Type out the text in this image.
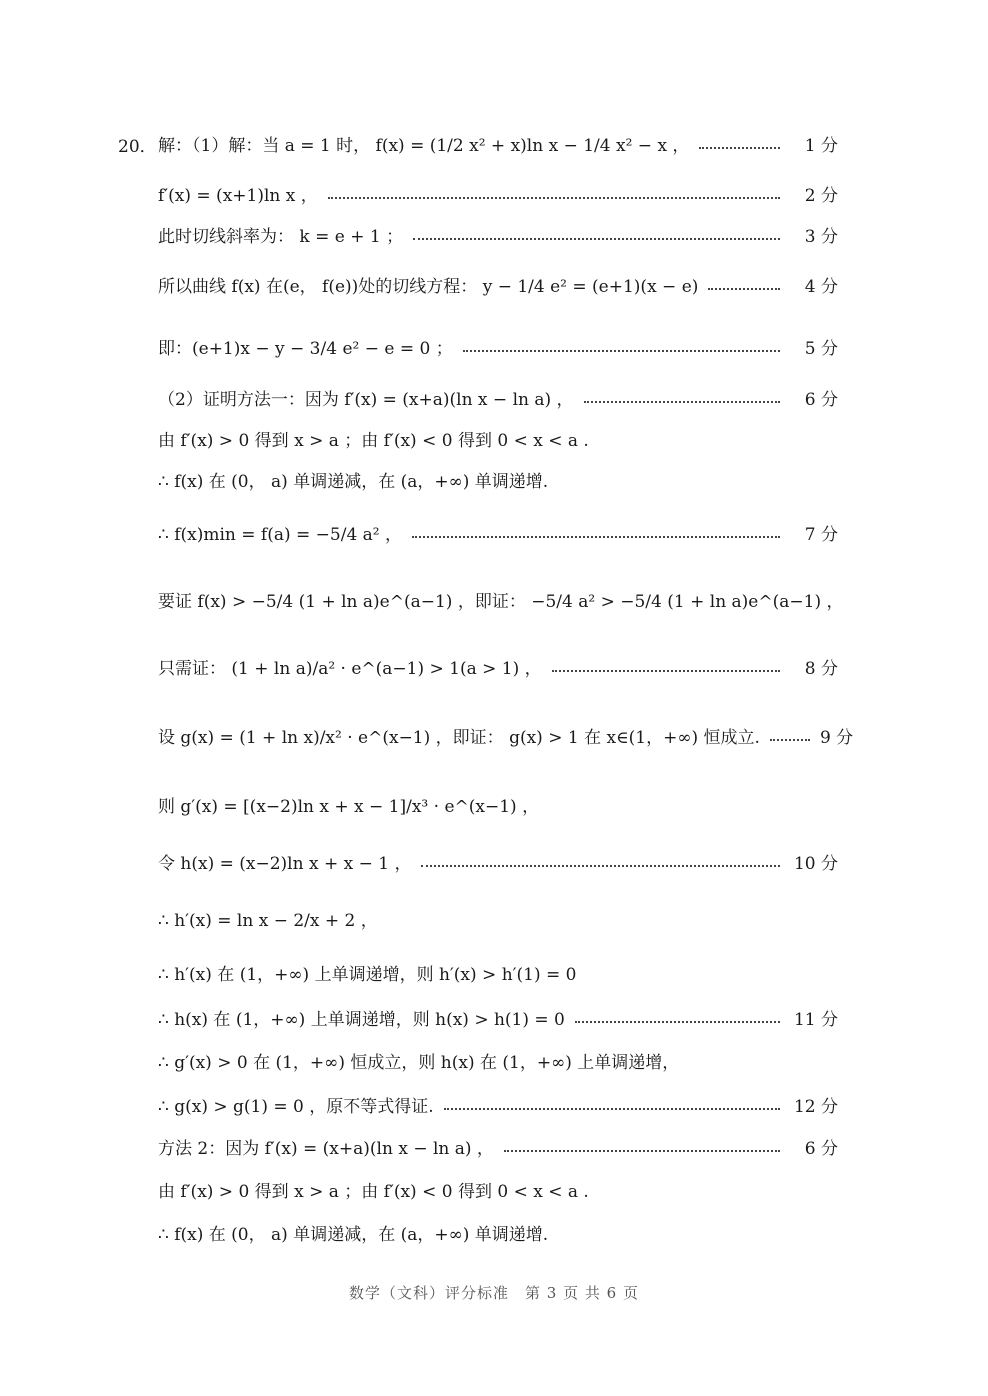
20． 解：（1）解：当 a = 1 时， f(x) = (1/2 x² + x)ln x − 1/4 x² − x ，	1 分
f′(x) = (x+1)ln x ，	2 分
此时切线斜率为： k = e + 1 ；	3 分
所以曲线 f(x) 在(e， f(e))处的切线方程： y − 1/4 e² = (e+1)(x − e)	4 分
即：(e+1)x − y − 3/4 e² − e = 0 ；	5 分
（2）证明方法一：因为 f′(x) = (x+a)(ln x − ln a) ，	6 分
由 f′(x) > 0 得到 x > a ；由 f′(x) < 0 得到 0 < x < a .
∴ f(x) 在 (0， a) 单调递减，在 (a，+∞) 单调递增.
∴ f(x)min = f(a) = −5/4 a² ，	7 分
要证 f(x) > −5/4 (1 + ln a)e^(a−1) ，即证： −5/4 a² > −5/4 (1 + ln a)e^(a−1) ，
只需证： (1 + ln a)/a² · e^(a−1) > 1(a > 1) ，	8 分
设 g(x) = (1 + ln x)/x² · e^(x−1) ，即证： g(x) > 1 在 x∈(1，+∞) 恒成立.	9 分
则 g′(x) = [(x−2)ln x + x − 1]/x³ · e^(x−1) ，
令 h(x) = (x−2)ln x + x − 1 ，	10 分
∴ h′(x) = ln x − 2/x + 2 ，
∴ h′(x) 在 (1，+∞) 上单调递增，则 h′(x) > h′(1) = 0
∴ h(x) 在 (1，+∞) 上单调递增，则 h(x) > h(1) = 0	11 分
∴ g′(x) > 0 在 (1，+∞) 恒成立，则 h(x) 在 (1，+∞) 上单调递增，
∴ g(x) > g(1) = 0 ，原不等式得证.	12 分
方法 2：因为 f′(x) = (x+a)(ln x − ln a) ，	6 分
由 f′(x) > 0 得到 x > a ；由 f′(x) < 0 得到 0 < x < a .
∴ f(x) 在 (0， a) 单调递减，在 (a，+∞) 单调递增.
数学（文科）评分标准　第 3 页 共 6 页
